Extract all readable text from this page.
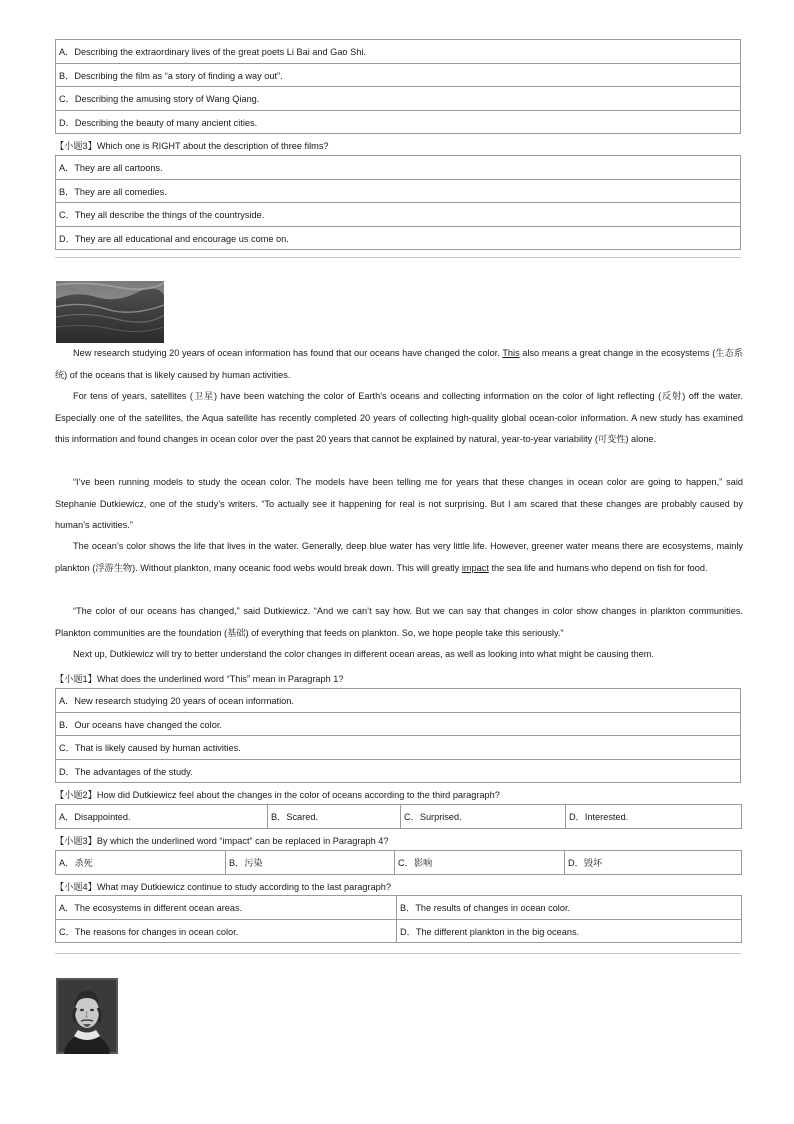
A．Describing the extraordinary lives of the great poets Li Bai and Gao Shi.
B．Describing the film as “a story of finding a way out”.
C．Describing the amusing story of Wang Qiang.
D．Describing the beauty of many ancient cities.
【小题3】Which one is RIGHT about the description of three films?
A．They are all cartoons.
B．They are all comedies.
C．They all describe the things of the countryside.
D．They are all educational and encourage us come on.

New research studying 20 years of ocean information has found that our oceans have changed the color. This also means a great change in the ecosystems (生态系统) of the oceans that is likely caused by human activities.

For tens of years, satellites (卫星) have been watching the color of Earth’s oceans and collecting information on the color of light reflecting (反射) off the water. Especially one of the satellites, the Aqua satellite has recently completed 20 years of collecting high-quality global ocean-color information. A new study has examined this information and found changes in ocean color over the past 20 years that cannot be explained by natural, year-to-year variability (可变性) alone.

“I’ve been running models to study the ocean color. The models have been telling me for years that these changes in ocean color are going to happen,” said Stephanie Dutkiewicz, one of the study’s writers. “To actually see it happening for real is not surprising. But I am scared that these changes are probably caused by human’s activities.”

The ocean’s color shows the life that lives in the water. Generally, deep blue water has very little life. However, greener water means there are ecosystems, mainly plankton (浮游生物). Without plankton, many oceanic food webs would break down. This will greatly impact the sea life and humans who depend on fish for food.

“The color of our oceans has changed,” said Dutkiewicz. “And we can’t say how. But we can say that changes in color show changes in plankton communities. Plankton communities are the foundation (基础) of everything that feeds on plankton. So, we hope people take this seriously.”

Next up, Dutkiewicz will try to better understand the color changes in different ocean areas, as well as looking into what might be causing them.

【小题1】What does the underlined word “This” mean in Paragraph 1?
A．New research studying 20 years of ocean information.
B．Our oceans have changed the color.
C．That is likely caused by human activities.
D．The advantages of the study.
【小题2】How did Dutkiewicz feel about the changes in the color of oceans according to the third paragraph?
A．Disappointed.	B．Scared.	C．Surprised.	D．Interested.
【小题3】By which the underlined word “impact” can be replaced in Paragraph 4?
A．杀死	B．污染	C．影响	D．毁坏
【小题4】What may Dutkiewicz continue to study according to the last paragraph?
A．The ecosystems in different ocean areas.	B．The results of changes in ocean color.
C．The reasons for changes in ocean color.	D．The different plankton in the big oceans.
